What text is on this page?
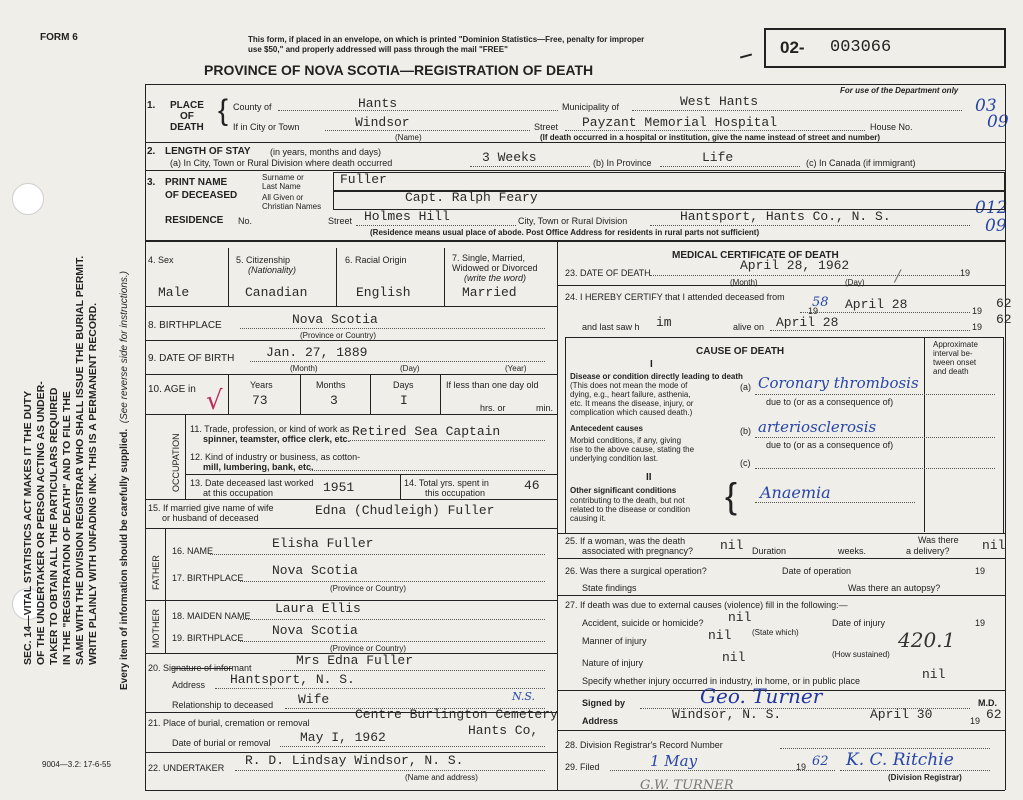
SEC. 14—VITAL STATISTICS ACT MAKES IT THE DUTY OF THE UNDERTAKER OR PERSON ACTING AS UNDER- TAKER TO OBTAIN ALL THE PARTICULARS REQUIRED IN THE "REGISTRATION OF DEATH" AND TO FILE THE SAME WITH THE DIVISION REGISTRAR WHO SHALL ISSUE THE BURIAL PERMIT. WRITE PLAINLY WITH UNFADING INK. THIS IS A PERMANENT RECORD. Every item of information should be carefully supplied.  (See reverse side for instructions.)
FORM 6	This form, if placed in an envelope, on which is printed "Dominion Statistics—Free, penalty for improper
use $50," and properly addressed will pass through the mail "FREE"
PROVINCE OF NOVA SCOTIA—REGISTRATION OF DEATH
02- 003066
For use of the Department only
03
09
012
09
1. PLACE
OF
DEATH
{ County of	Hants	Municipality of	West Hants
If in City or Town	Windsor
(Name)
Street Payzant Memorial Hospital	House No.
(If death occurred in a hospital or institution, give the name instead of street and number)
2. LENGTH OF STAY (in years, months and days)
(a) In City, Town or Rural Division where death occurred	3 Weeks	(b) In Province	Life	(c) In Canada (if immigrant)
3. PRINT NAME
OF DECEASED
Surname or
Last Name	Fuller
All Given or
Christian Names
Capt. Ralph Feary
RESIDENCE No.	Street Holmes Hill	City, Town or Rural Division	Hantsport, Hants Co., N. S.
(Residence means usual place of abode. Post Office Address for residents in rural parts not sufficient)
4. Sex
Male
5. Citizenship
(Nationality)
Canadian
6. Racial Origin
English
7. Single, Married,
Widowed or Divorced
(write the word)
Married
8. BIRTHPLACE	Nova Scotia
(Province or Country)
9. DATE OF BIRTH Jan. 27, 1889
(Month)	(Day)	(Year)
10. AGE in √
Years
73
Months
3
Days
I
If less than one day old
hrs. or	min.
OCCUPATION
11. Trade, profession, or kind of work as
spinner, teamster, office clerk, etc. Retired Sea Captain
12. Kind of industry or business, as cotton-
mill, lumbering, bank, etc.
13. Date deceased last worked
at this occupation	1951	14. Total yrs. spent in
this occupation	46
15. If married give name of wife
or husband of deceased	Edna (Chudleigh) Fuller
FATHER
16. NAME	Elisha Fuller
17. BIRTHPLACE Nova Scotia
(Province or Country)
MOTHER 18. MAIDEN NAME Laura Ellis
19. BIRTHPLACE Nova Scotia
(Province or Country)
20. Signature of informant	Mrs Edna Fuller
Address Hantsport, N. S.
Relationship to deceased Wife	N.S.
21. Place of burial, cremation or removal
Centre Burlington Cemetery
Hants Co,
Date of burial or removal May I, 1962
22. UNDERTAKER R. D. Lindsay Windsor, N. S.
(Name and address)
9004—3.2: 17-6-55
MEDICAL CERTIFICATE OF DEATH
23. DATE OF DEATH	April 28, 1962
(Month)	(Day)
19
/
24. I HEREBY CERTIFY that I attended deceased from 58 April 28
19	19 62
and last saw h im	alive on April 28	19 62
CAUSE OF DEATH
Approximate
interval be-
tween onset
and death
I
Disease or condition directly leading to death
(This does not mean the mode of
dying, e.g., heart failure, asthenia,
etc. It means the disease, injury, or
complication which caused death.)
(a) Coronary thrombosis
due to (or as a consequence of)
Antecedent causes
Morbid conditions, if any, giving
rise to the above cause, stating the
underlying condition last.
(b) arteriosclerosis
due to (or as a consequence of)
(c)
II
Other significant conditions
contributing to the death, but not
related to the disease or condition
causing it.
{ Anaemia
25. If a woman, was the death
associated with pregnancy? nil Duration	weeks.
Was there
a delivery? nil
26. Was there a surgical operation?	Date of operation	19
State findings	Was there an autopsy?
27. If death was due to external causes (violence) fill in the following:—
Accident, suicide or homicide? nil
(State which)
Date of injury	19
Manner of injury	nil	420.1
Nature of injury	nil	(How sustained)
Specify whether injury occurred in industry, in home, or in public place	nil
Signed by	Geo. Turner	M.D.
Address	Windsor, N. S.	April 30	19 62
28. Division Registrar's Record Number
29. Filed	1 May	19 62 K. C. Ritchie
(Division Registrar)
G.W. TURNER
